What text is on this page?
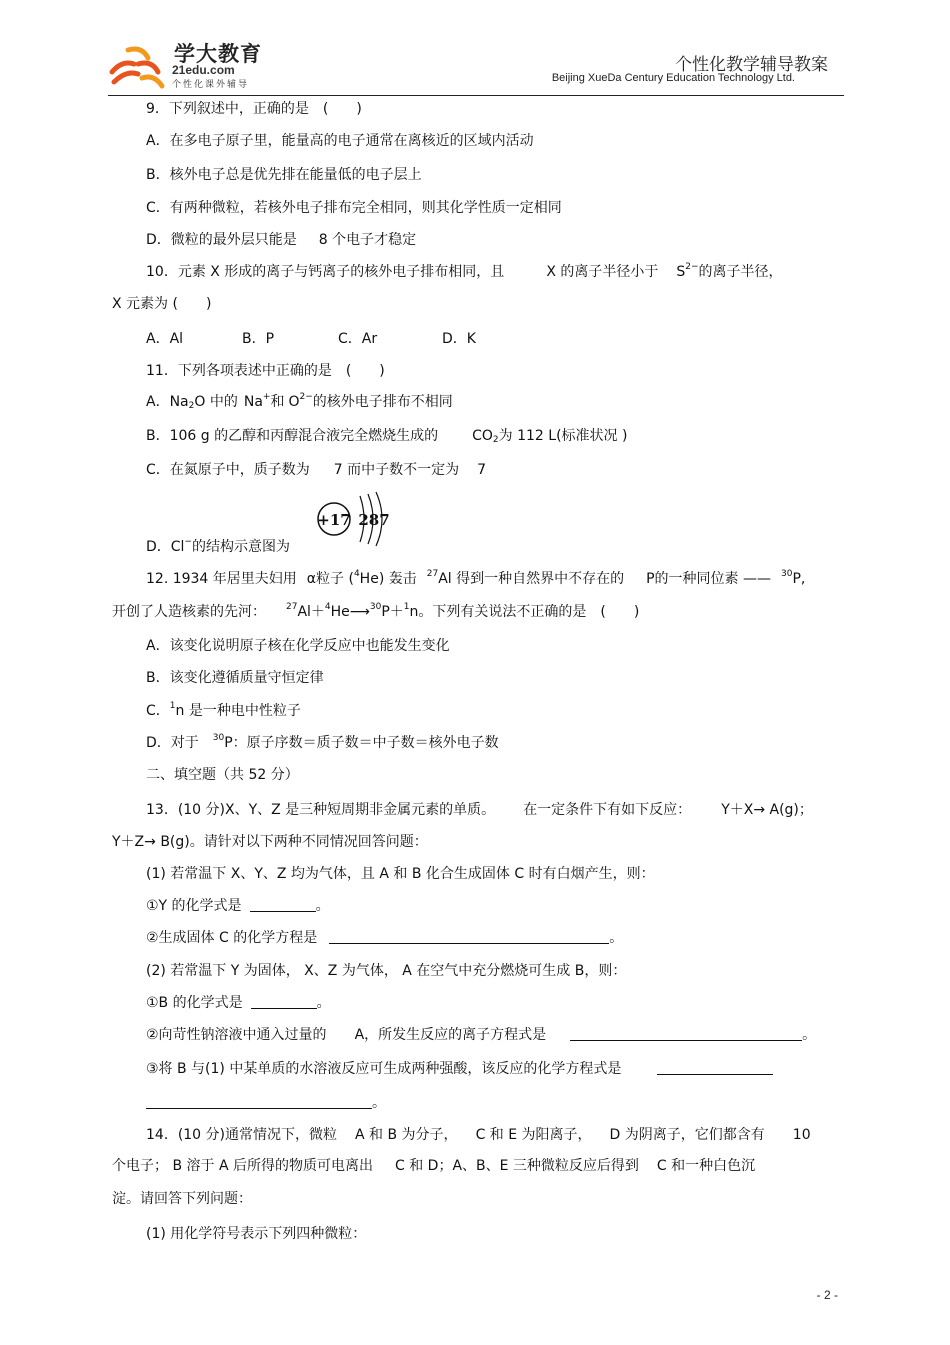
学大教育
21edu.com
个性化课外辅导
个性化教学辅导教案
Beijing XueDa Century Education Technology Ltd.
9．下列叙述中，正确的是　(　　)
A．在多电子原子里，能量高的电子通常在离核近的区域内活动
B．核外电子总是优先排在能量低的电子层上
C．有两种微粒，若核外电子排布完全相同，则其化学性质一定相同
D．微粒的最外层只能是 8 个电子才稳定
10．元素 X 形成的离子与钙离子的核外电子排布相同，且	X 的离子半径小于 $S^{2-}$的离子半径，
X 元素为 (　　)
A．Al	B．P	C．Ar	D．K
11．下列各项表述中正确的是　(　　)
A．$Na_2O$ 中的 Na+和 $O^{2-}$的核外电子排布不相同
B．106 g 的乙醇和丙醇混合液完全燃烧生成的 $CO_2$为 112 L(标准状况 )
C．在氮原子中，质子数为 7 而中子数不一定为 7
+17 287
D．Cl−的结构示意图为
12. 1934 年居里夫妇用 α粒子 ($^4$He) 轰击 $^{27}$Al 得到一种自然界中不存在的 P的一种同位素 —— $^{30}$P,
开创了人造核素的先河： $^{27}$Al＋$^4$He⟶$^{30}$P＋$^1$n。下列有关说法不正确的是　(　　)
A．该变化说明原子核在化学反应中也能发生变化
B．该变化遵循质量守恒定律
C．$^1$n 是一种电中性粒子
D．对于 $^{30}$P：原子序数＝质子数＝中子数＝核外电子数
二、填空题（共 52 分）
13．(10 分)X、Y、Z 是三种短周期非金属元素的单质。 在一定条件下有如下反应： Y＋X→ A(g)；
Y＋Z→ B(g)。请针对以下两种不同情况回答问题：
(1) 若常温下 X、Y、Z 均为气体，且 A 和 B 化合生成固体 C 时有白烟产生，则：
①Y 的化学式是	。
②生成固体 C 的化学方程是	。
(2) 若常温下 Y 为固体， X、Z 为气体， A 在空气中充分燃烧可生成 B，则：
①B 的化学式是	。
②向苛性钠溶液中通入过量的 A，所发生反应的离子方程式是	。
③将 B 与(1) 中某单质的水溶液反应可生成两种强酸，该反应的化学方程式是
。
14．(10 分)通常情况下，微粒 A 和 B 为分子， C 和 E 为阳离子， D 为阴离子，它们都含有 10
个电子； B 溶于 A 后所得的物质可电离出 C 和 D；A、B、E 三种微粒反应后得到 C 和一种白色沉
淀。请回答下列问题：
(1) 用化学符号表示下列四种微粒：
- 2 -
